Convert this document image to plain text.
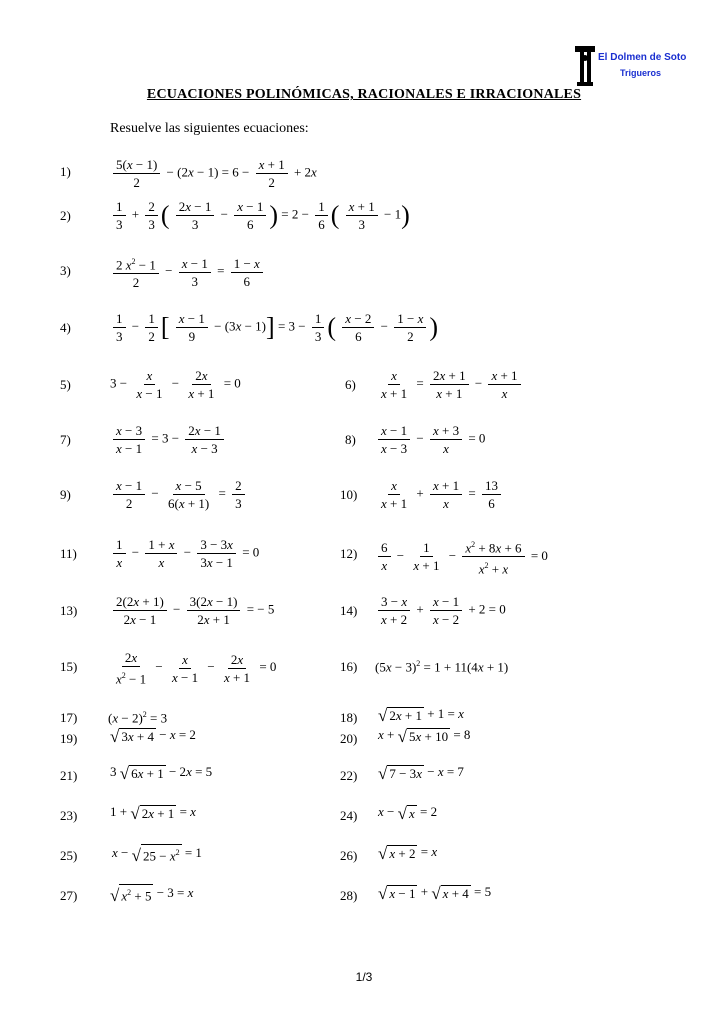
El Dolmen de Soto
Trigueros
ECUACIONES POLINÓMICAS, RACIONALES E IRRACIONALES
Resuelve las siguientes ecuaciones:
1)
2)
3)
4)
5)	6)
7)	8)
9)	10)
11)	12)
13)	14)
15)	16)
17)	18)
19)	20)
21)	22)
23)	24)
25)	26)
27)	28)
$\frac{5(x - 1)}{2} - (2x - 1) = 6 - \frac{x + 1}{2} + 2x$
$\frac{1}{3} + \frac{2}{3}$ ( $\frac{2x - 1}{3} - \frac{x - 1}{6}$ ) = $2 - \frac{1}{6}$ ( $\frac{x + 1}{3} - 1$)
$\frac{2 x^2 - 1}{2} - \frac{x - 1}{3} = \frac{1 - x}{6}$
$\frac{1}{3} - \frac{1}{2}$ [ $\frac{x - 1}{9} - (3x - 1)] = 3 - \frac{1}{3}$ ( $\frac{x - 2}{6} - \frac{1 - x}{2}$ )
$3 - \frac{x}{x - 1} - \frac{2x}{x + 1} = 0$	$\frac{x}{x + 1} = \frac{2x + 1}{x + 1} - \frac{x + 1}{x}$
$\frac{x - 3}{x - 1} = 3 - \frac{2x - 1}{x - 3}$	$\frac{x - 1}{x - 3} - \frac{x + 3}{x} = 0$
$\frac{x - 1}{2} - \frac{x - 5}{6(x + 1)} = \frac{2}{3}$	$\frac{x}{x + 1} + \frac{x + 1}{x} = \frac{13}{6}$
$\frac{1}{x} - \frac{1 + x}{x} - \frac{3 - 3x}{3x - 1} = 0$	$\frac{6}{x} - \frac{1}{x + 1} - \frac{x^2 + 8x + 6}{x^2 + x} = 0$
$\frac{2(2x + 1)}{2x - 1} - \frac{3(2x - 1)}{2x + 1}$ = − 5	$\frac{3 - x}{x + 2} + \frac{x - 1}{x - 2} + 2 = 0$
$\frac{2x}{x^2 - 1} - \frac{x}{x - 1} - \frac{2x}{x + 1} = 0$	$(5x - 3)^2 = 1 + 11(4x + 1)$
$(x - 2)^2 = 3$	√ 2x + 1 + 1 = x
√ 3x + 4 − x = 2	x + √ 5x + 10 = 8
3 √ 6x + 1 − 2x = 5	√ 7 − 3x − x = 7
1 + √ 2x + 1 = x	x − √ x = 2
x − √ $25 - x^2 = 1$	√ x + 2 = x
√ $x^2 + 5 - 3 = x$	√ x − 1 + √ x + 4 = 5
1/3
